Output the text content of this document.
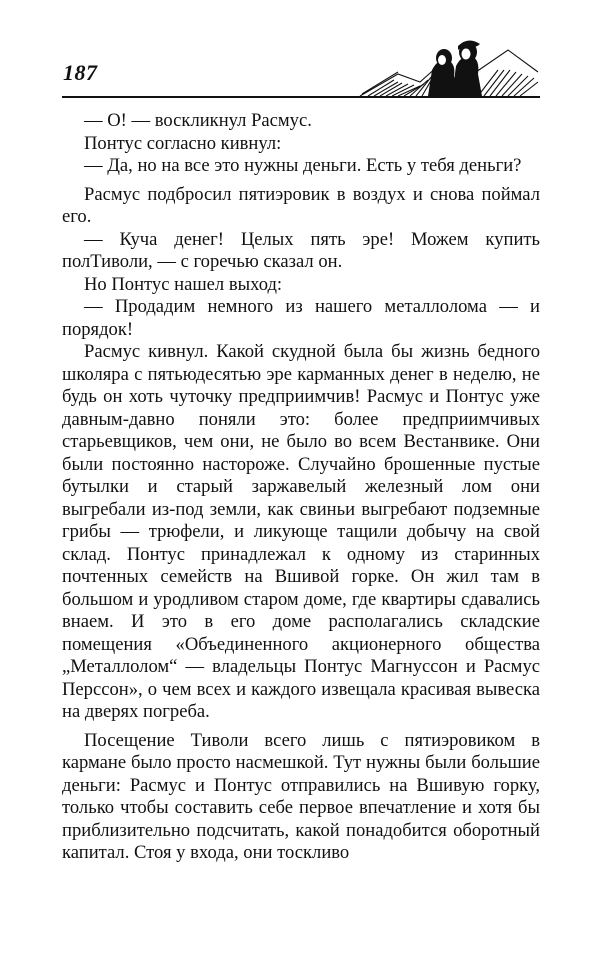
187

— О! — воскликнул Расмус.

Понтус согласно кивнул:

— Да, но на все это нужны деньги. Есть у тебя деньги?

Расмус подбросил пятиэровик в воздух и снова поймал его.

— Куча денег! Целых пять эре! Можем купить полТиволи, — с горечью сказал он.

Но Понтус нашел выход:

— Продадим немного из нашего металлолома — и порядок!

Расмус кивнул. Какой скудной была бы жизнь бедного школяра с пятьюдесятью эре карманных денег в неделю, не будь он хоть чуточку предприимчив! Расмус и Понтус уже давным-давно поняли это: более предприимчивых старьевщиков, чем они, не было во всем Вестанвике. Они были постоянно настороже. Случайно брошенные пустые бутылки и старый заржавелый железный лом они выгребали из-под земли, как свиньи выгребают подземные грибы — трюфели, и ликующе тащили добычу на свой склад. Понтус принадлежал к одному из старинных почтенных семейств на Вшивой горке. Он жил там в большом и уродливом старом доме, где квартиры сдавались внаем. И это в его доме располагались складские помещения «Объединенного акционерного общества „Металлолом“ — владельцы Понтус Магнуссон и Расмус Перссон», о чем всех и каждого извещала красивая вывеска на дверях погреба.

Посещение Тиволи всего лишь с пятиэровиком в кармане было просто насмешкой. Тут нужны были большие деньги: Расмус и Понтус отправились на Вшивую горку, только чтобы составить себе первое впечатление и хотя бы приблизительно подсчитать, какой понадобится оборотный капитал. Стоя у входа, они тоскливо
